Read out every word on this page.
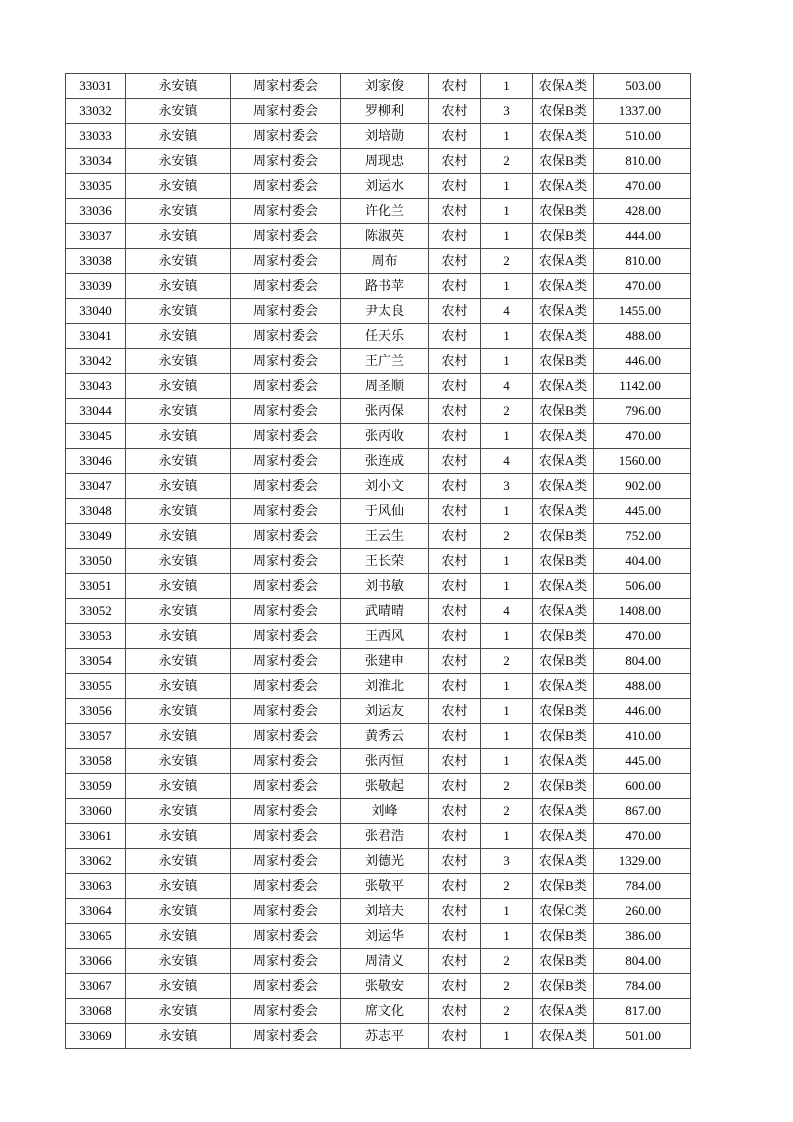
33031	永安镇	周家村委会	刘家俊	农村	1	农保A类	503.00
33032	永安镇	周家村委会	罗柳利	农村	3	农保B类	1337.00
33033	永安镇	周家村委会	刘培勋	农村	1	农保A类	510.00
33034	永安镇	周家村委会	周现忠	农村	2	农保B类	810.00
33035	永安镇	周家村委会	刘运水	农村	1	农保A类	470.00
33036	永安镇	周家村委会	许化兰	农村	1	农保B类	428.00
33037	永安镇	周家村委会	陈淑英	农村	1	农保B类	444.00
33038	永安镇	周家村委会	周布	农村	2	农保A类	810.00
33039	永安镇	周家村委会	路书苹	农村	1	农保A类	470.00
33040	永安镇	周家村委会	尹太良	农村	4	农保A类	1455.00
33041	永安镇	周家村委会	任天乐	农村	1	农保A类	488.00
33042	永安镇	周家村委会	王广兰	农村	1	农保B类	446.00
33043	永安镇	周家村委会	周圣顺	农村	4	农保A类	1142.00
33044	永安镇	周家村委会	张丙保	农村	2	农保B类	796.00
33045	永安镇	周家村委会	张丙收	农村	1	农保A类	470.00
33046	永安镇	周家村委会	张连成	农村	4	农保A类	1560.00
33047	永安镇	周家村委会	刘小文	农村	3	农保A类	902.00
33048	永安镇	周家村委会	于风仙	农村	1	农保A类	445.00
33049	永安镇	周家村委会	王云生	农村	2	农保B类	752.00
33050	永安镇	周家村委会	王长荣	农村	1	农保B类	404.00
33051	永安镇	周家村委会	刘书敏	农村	1	农保A类	506.00
33052	永安镇	周家村委会	武晴晴	农村	4	农保A类	1408.00
33053	永安镇	周家村委会	王西风	农村	1	农保B类	470.00
33054	永安镇	周家村委会	张建申	农村	2	农保B类	804.00
33055	永安镇	周家村委会	刘淮北	农村	1	农保A类	488.00
33056	永安镇	周家村委会	刘运友	农村	1	农保B类	446.00
33057	永安镇	周家村委会	黄秀云	农村	1	农保B类	410.00
33058	永安镇	周家村委会	张丙恒	农村	1	农保A类	445.00
33059	永安镇	周家村委会	张敬起	农村	2	农保B类	600.00
33060	永安镇	周家村委会	刘峰	农村	2	农保A类	867.00
33061	永安镇	周家村委会	张君浩	农村	1	农保A类	470.00
33062	永安镇	周家村委会	刘德光	农村	3	农保A类	1329.00
33063	永安镇	周家村委会	张敬平	农村	2	农保B类	784.00
33064	永安镇	周家村委会	刘培夫	农村	1	农保C类	260.00
33065	永安镇	周家村委会	刘运华	农村	1	农保B类	386.00
33066	永安镇	周家村委会	周清义	农村	2	农保B类	804.00
33067	永安镇	周家村委会	张敬安	农村	2	农保B类	784.00
33068	永安镇	周家村委会	席文化	农村	2	农保A类	817.00
33069	永安镇	周家村委会	苏志平	农村	1	农保A类	501.00
